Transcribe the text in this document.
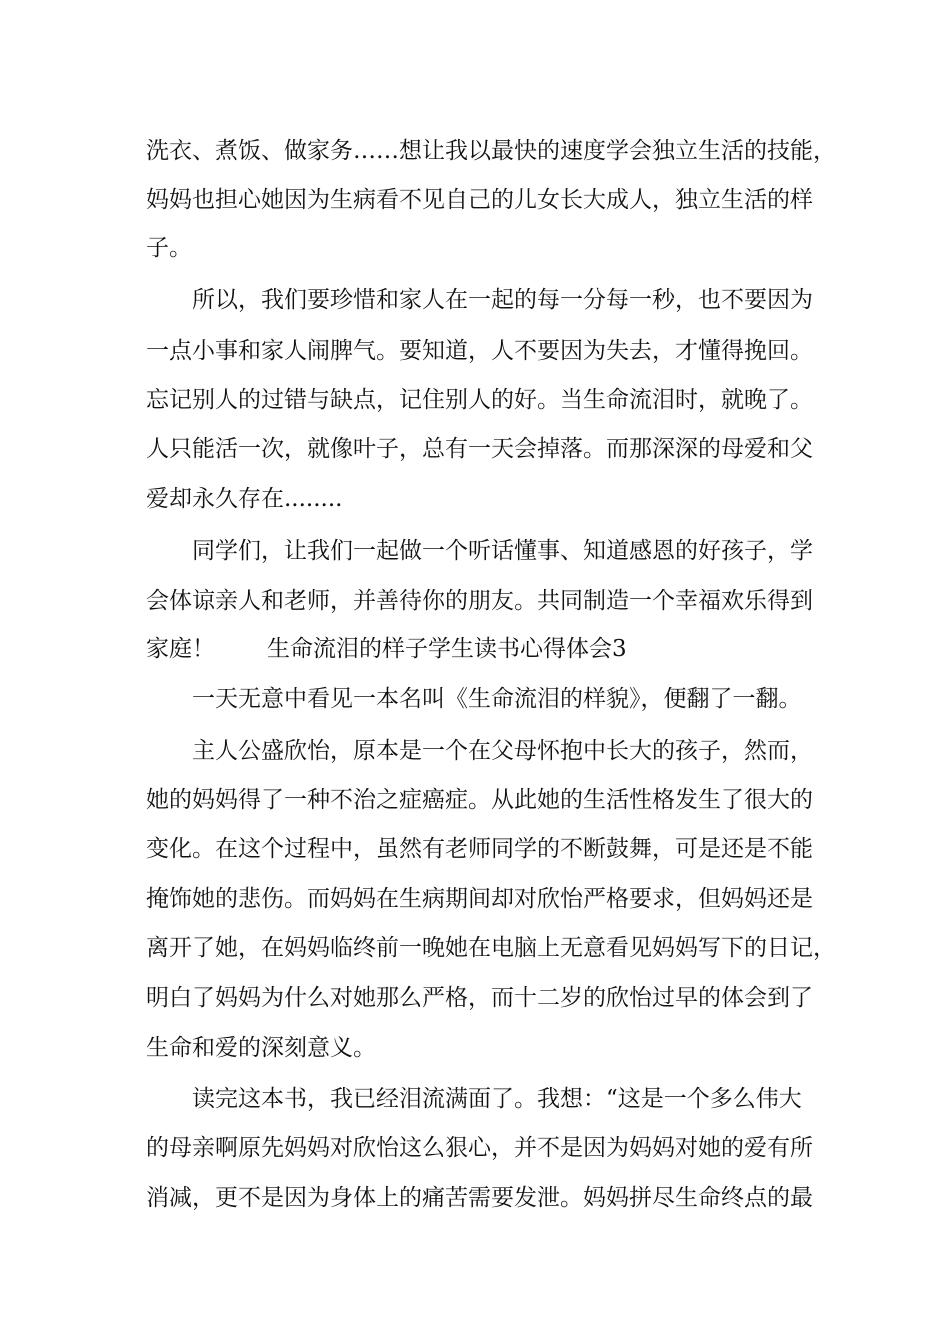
洗衣、煮饭、做家务……想让我以最快的速度学会独立生活的技能，

妈妈也担心她因为生病看不见自己的儿女长大成人，独立生活的样

子。

所以，我们要珍惜和家人在一起的每一分每一秒，也不要因为

一点小事和家人闹脾气。要知道，人不要因为失去，才懂得挽回。

忘记别人的过错与缺点，记住别人的好。当生命流泪时，就晚了。

人只能活一次，就像叶子，总有一天会掉落。而那深深的母爱和父

爱却永久存在........

同学们，让我们一起做一个听话懂事、知道感恩的好孩子，学

会体谅亲人和老师，并善待你的朋友。共同制造一个幸福欢乐得到

家庭！ 生命流泪的样子学生读书心得体会3

一天无意中看见一本名叫《生命流泪的样貌》，便翻了一翻。

主人公盛欣怡，原本是一个在父母怀抱中长大的孩子，然而，

她的妈妈得了一种不治之症癌症。从此她的生活性格发生了很大的

变化。在这个过程中，虽然有老师同学的不断鼓舞，可是还是不能

掩饰她的悲伤。而妈妈在生病期间却对欣怡严格要求，但妈妈还是

离开了她，在妈妈临终前一晚她在电脑上无意看见妈妈写下的日记，

明白了妈妈为什么对她那么严格，而十二岁的欣怡过早的体会到了

生命和爱的深刻意义。

读完这本书，我已经泪流满面了。我想：“这是一个多么伟大

的母亲啊原先妈妈对欣怡这么狠心，并不是因为妈妈对她的爱有所

消减，更不是因为身体上的痛苦需要发泄。妈妈拼尽生命终点的最
